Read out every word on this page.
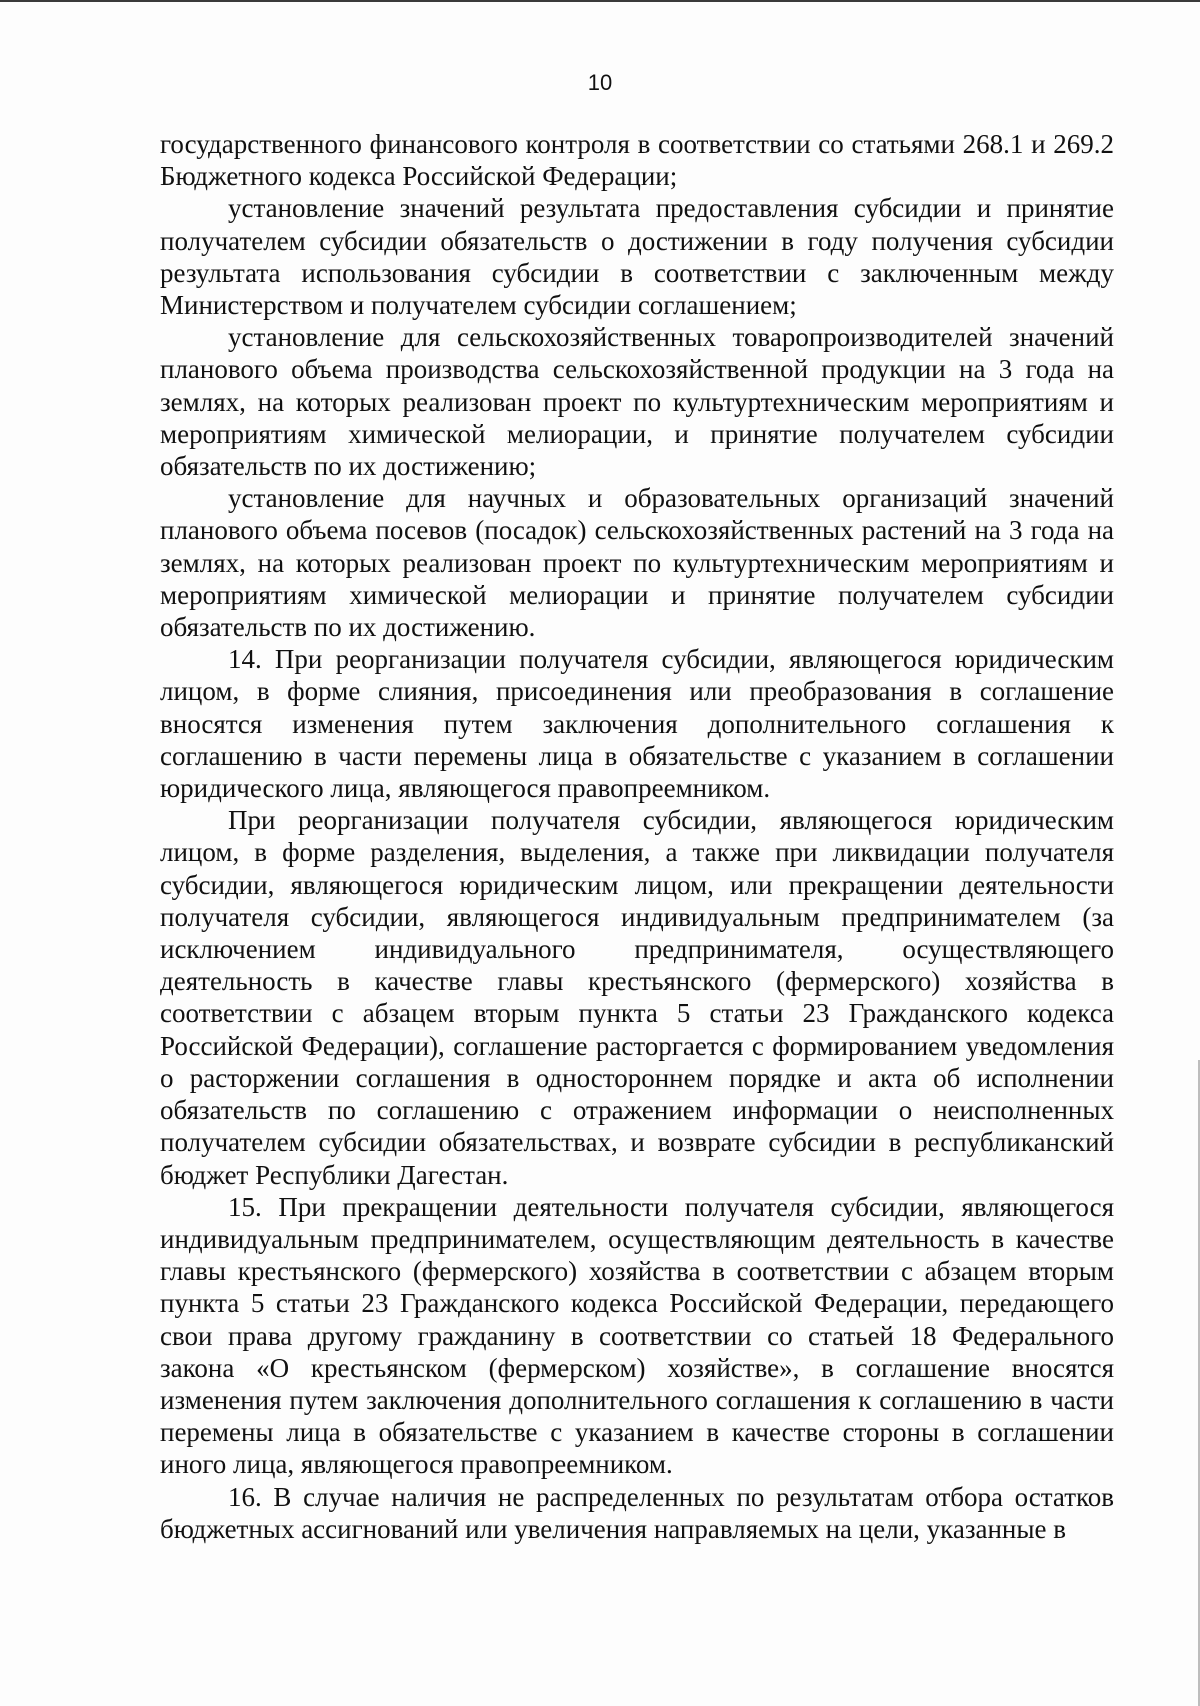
10

государственного финансового контроля в соответствии со статьями 268.1 и 269.2 Бюджетного кодекса Российской Федерации;

установление значений результата предоставления субсидии и принятие получателем субсидии обязательств о достижении в году получения субсидии результата использования субсидии в соответствии с заключенным между Министерством и получателем субсидии соглашением;

установление для сельскохозяйственных товаропроизводителей значений планового объема производства сельскохозяйственной продукции на 3 года на землях, на которых реализован проект по культуртехническим мероприятиям и мероприятиям химической мелиорации, и принятие получателем субсидии обязательств по их достижению;

установление для научных и образовательных организаций значений планового объема посевов (посадок) сельскохозяйственных растений на 3 года на землях, на которых реализован проект по культуртехническим мероприятиям и мероприятиям химической мелиорации и принятие получателем субсидии обязательств по их достижению.

14. При реорганизации получателя субсидии, являющегося юридическим лицом, в форме слияния, присоединения или преобразования в соглашение вносятся изменения путем заключения дополнительного соглашения к соглашению в части перемены лица в обязательстве с указанием в соглашении юридического лица, являющегося правопреемником.

При реорганизации получателя субсидии, являющегося юридическим лицом, в форме разделения, выделения, а также при ликвидации получателя субсидии, являющегося юридическим лицом, или прекращении деятельности получателя субсидии, являющегося индивидуальным предпринимателем (за исключением индивидуального предпринимателя, осуществляющего деятельность в качестве главы крестьянского (фермерского) хозяйства в соответствии с абзацем вторым пункта 5 статьи 23 Гражданского кодекса Российской Федерации), соглашение расторгается с формированием уведомления о расторжении соглашения в одностороннем порядке и акта об исполнении обязательств по соглашению с отражением информации о неисполненных получателем субсидии обязательствах, и возврате субсидии в республиканский бюджет Республики Дагестан.

15. При прекращении деятельности получателя субсидии, являющегося индивидуальным предпринимателем, осуществляющим деятельность в качестве главы крестьянского (фермерского) хозяйства в соответствии с абзацем вторым пункта 5 статьи 23 Гражданского кодекса Российской Федерации, передающего свои права другому гражданину в соответствии со статьей 18 Федерального закона «О крестьянском (фермерском) хозяйстве», в соглашение вносятся изменения путем заключения дополнительного соглашения к соглашению в части перемены лица в обязательстве с указанием в качестве стороны в соглашении иного лица, являющегося правопреемником.

16. В случае наличия не распределенных по результатам отбора остатков бюджетных ассигнований или увеличения направляемых на цели, указанные в
